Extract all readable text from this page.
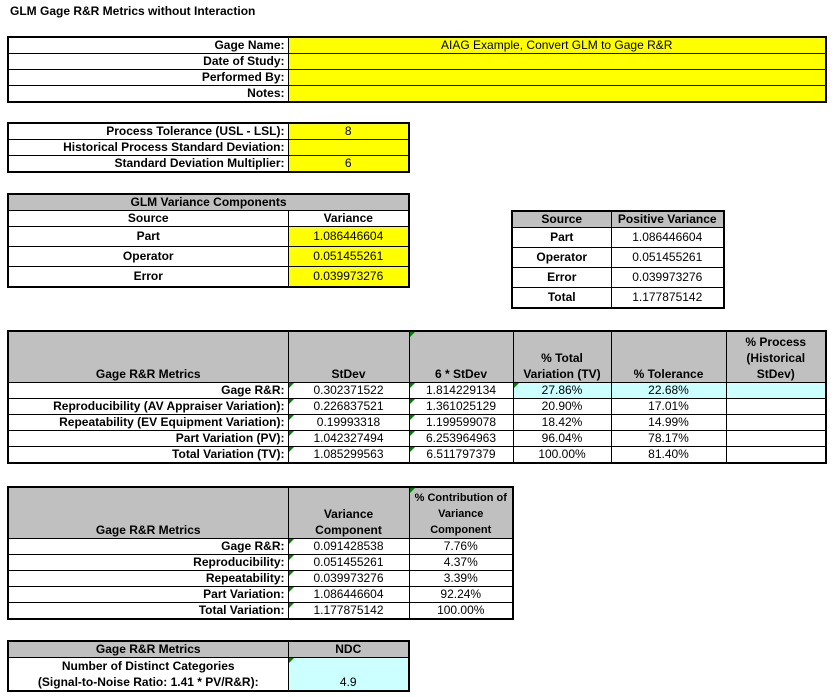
GLM Gage R&R Metrics without Interaction
Gage Name:	AIAG Example, Convert GLM to Gage R&R
Date of Study:	
Performed By:	
Notes:	
Process Tolerance (USL - LSL):	8
Historical Process Standard Deviation:	
Standard Deviation Multiplier:	6
GLM Variance Components	
Source	Variance
Part	1.086446604
Operator	0.051455261
Error	0.039973276
Source	Positive Variance
Part	1.086446604
Operator	0.051455261
Error	0.039973276
Total	1.177875142
Gage R&R Metrics	StDev	6 * StDev	% Total Variation (TV)	% Tolerance	% Process (Historical StDev)
Gage R&R:	0.302371522	1.814229134	27.86%	22.68%	
Reproducibility (AV Appraiser Variation):	0.226837521	1.361025129	20.90%	17.01%	
Repeatability (EV Equipment Variation):	0.19993318	1.199599078	18.42%	14.99%	
Part Variation (PV):	1.042327494	6.253964963	96.04%	78.17%	
Total Variation (TV):	1.085299563	6.511797379	100.00%	81.40%	
Gage R&R Metrics	Variance Component	% Contribution of Variance Component
Gage R&R:	0.091428538	7.76%
Reproducibility:	0.051455261	4.37%
Repeatability:	0.039973276	3.39%
Part Variation:	1.086446604	92.24%
Total Variation:	1.177875142	100.00%
Gage R&R Metrics	NDC

Number of Distinct Categories
(Signal-to-Noise Ratio: 1.41 * PV/R&R):	4.9
